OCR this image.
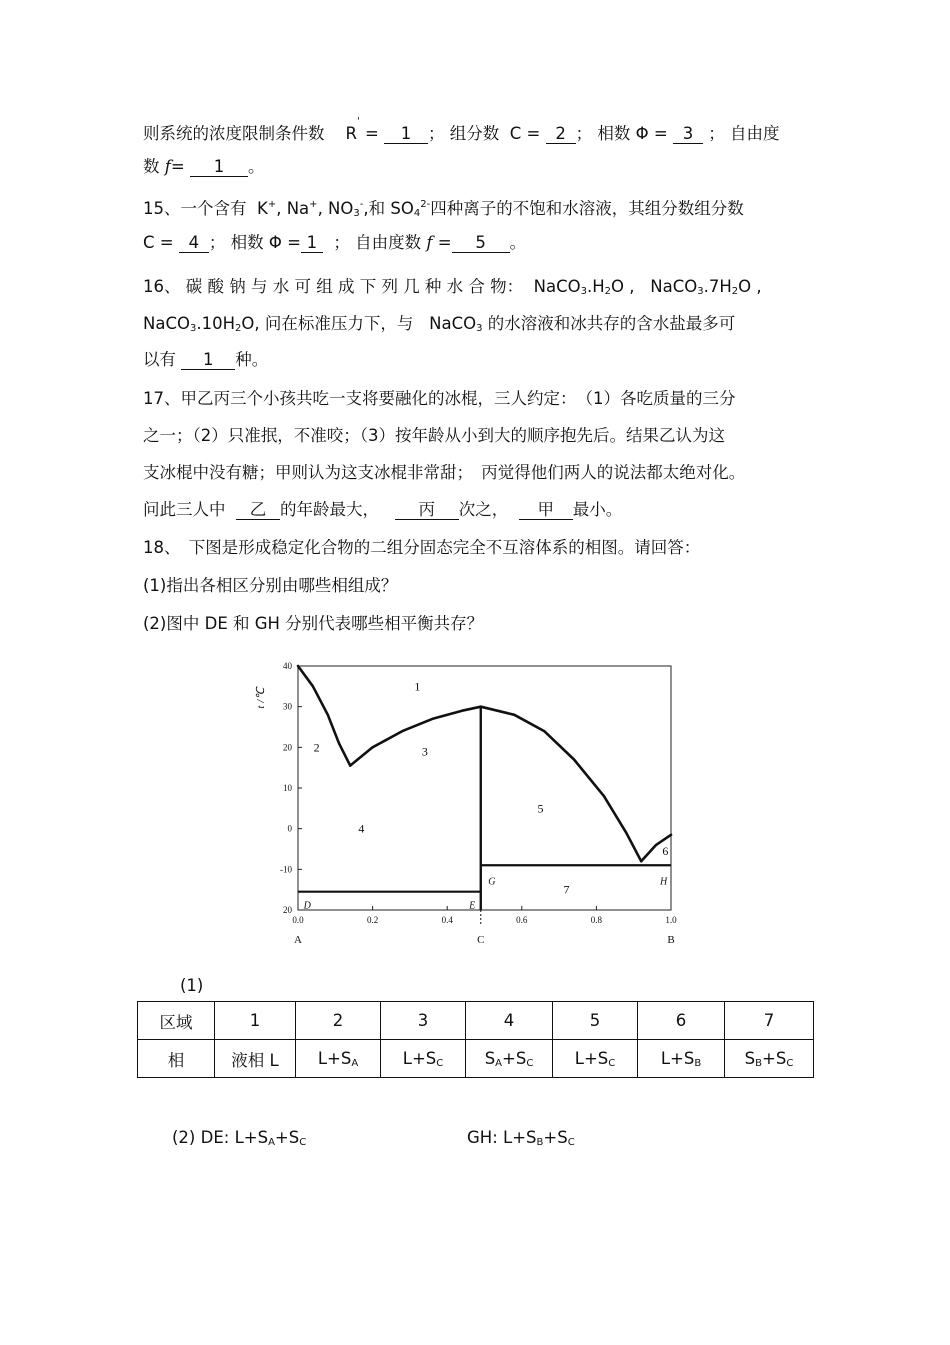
则系统的浓度限制条件数 R' = 1 ； 组分数 C = 2 ； 相数 Φ = 3 ； 自由度
数 f= 1 。
15、一个含有 K+, Na+, $NO_3^-$,和 $SO_4^{2-}$四种离子的不饱和水溶液，其组分数组分数
C = 4 ； 相数 Φ = 1 ； 自由度数 f = 5 。
16、 碳 酸 钠 与 水 可 组 成 下 列 几 种 水 合 物： $NaCO_3.H_2O$ , $NaCO_3.7H_2O$ ,
$NaCO_3.10H_2O$, 问在标准压力下，与 NaCO$_3$ 的水溶液和冰共存的含水盐最多可
以有 1 种。
17、甲乙丙三个小孩共吃一支将要融化的冰棍，三人约定：　（1）各吃质量的三分
之一；（2）只准抿，不准咬；（3）按年龄从小到大的顺序抱先后。结果乙认为这
支冰棍中没有糖；甲则认为这支冰棍非常甜；　丙觉得他们两人的说法都太绝对化。
问此三人中 乙 的年龄最大， 丙 次之， 甲 最小。
18、　下图是形成稳定化合物的二组分固态完全不互溶体系的相图。请回答：
(1)指出各相区分别由哪些相组成？
(2)图中 DE 和 GH 分别代表哪些相平衡共存？
40
30
20
10
0
-10
20
0.0	0.2	0.4	0.6	0.8	1.0
t /℃
A	C	B
1
2	3
4
5
6
7
D	E
G	H
(1)
区域	1	2	3	4	5	6	7
相	液相 L	$L+S_A$	$L+S_C$	$S_A+S_C$	$L+S_C$	$L+S_B$	$S_B+S_C$
(2) DE: $L+S_A+S_C$	GH: $L+S_B+S_C$
